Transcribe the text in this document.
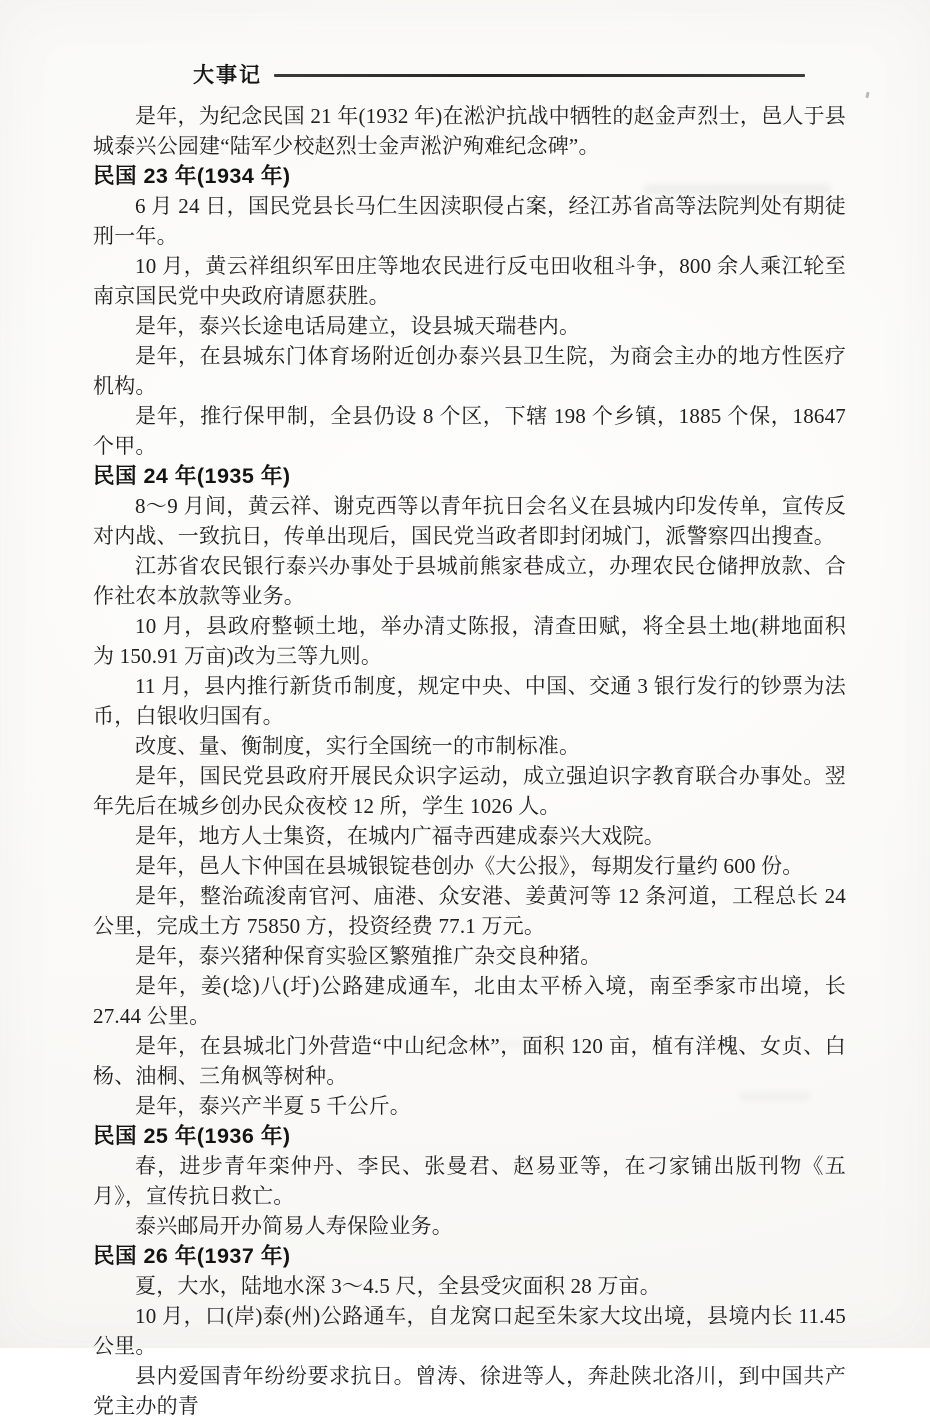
大事记

是年，为纪念民国 21 年(1932 年)在淞沪抗战中牺牲的赵金声烈士，邑人于县城泰兴公园建“陆军少校赵烈士金声淞沪殉难纪念碑”。

民国 23 年(1934 年)

6 月 24 日，国民党县长马仁生因渎职侵占案，经江苏省高等法院判处有期徒刑一年。

10 月，黄云祥组织军田庄等地农民进行反屯田收租斗争，800 余人乘江轮至南京国民党中央政府请愿获胜。

是年，泰兴长途电话局建立，设县城天瑞巷内。

是年，在县城东门体育场附近创办泰兴县卫生院，为商会主办的地方性医疗机构。

是年，推行保甲制，全县仍设 8 个区，下辖 198 个乡镇，1885 个保，18647 个甲。

民国 24 年(1935 年)

8～9 月间，黄云祥、谢克西等以青年抗日会名义在县城内印发传单，宣传反对内战、一致抗日，传单出现后，国民党当政者即封闭城门，派警察四出搜查。

江苏省农民银行泰兴办事处于县城前熊家巷成立，办理农民仓储押放款、合作社农本放款等业务。

10 月，县政府整顿土地，举办清丈陈报，清查田赋，将全县土地(耕地面积为 150.91 万亩)改为三等九则。

11 月，县内推行新货币制度，规定中央、中国、交通 3 银行发行的钞票为法币，白银收归国有。

改度、量、衡制度，实行全国统一的市制标准。

是年，国民党县政府开展民众识字运动，成立强迫识字教育联合办事处。翌年先后在城乡创办民众夜校 12 所，学生 1026 人。

是年，地方人士集资，在城内广福寺西建成泰兴大戏院。

是年，邑人卞仲国在县城银锭巷创办《大公报》，每期发行量约 600 份。

是年，整治疏浚南官河、庙港、众安港、姜黄河等 12 条河道，工程总长 24 公里，完成土方 75850 方，投资经费 77.1 万元。

是年，泰兴猪种保育实验区繁殖推广杂交良种猪。

是年，姜(埝)八(圩)公路建成通车，北由太平桥入境，南至季家市出境，长 27.44 公里。

是年，在县城北门外营造“中山纪念林”，面积 120 亩，植有洋槐、女贞、白杨、油桐、三角枫等树种。

是年，泰兴产半夏 5 千公斤。

民国 25 年(1936 年)

春，进步青年栾仲丹、李民、张曼君、赵易亚等，在刁家铺出版刊物《五月》，宣传抗日救亡。

泰兴邮局开办简易人寿保险业务。

民国 26 年(1937 年)

夏，大水，陆地水深 3～4.5 尺，全县受灾面积 28 万亩。

10 月，口(岸)泰(州)公路通车，自龙窝口起至朱家大坟出境，县境内长 11.45 公里。

县内爱国青年纷纷要求抗日。曾涛、徐进等人，奔赴陕北洛川，到中国共产党主办的青
